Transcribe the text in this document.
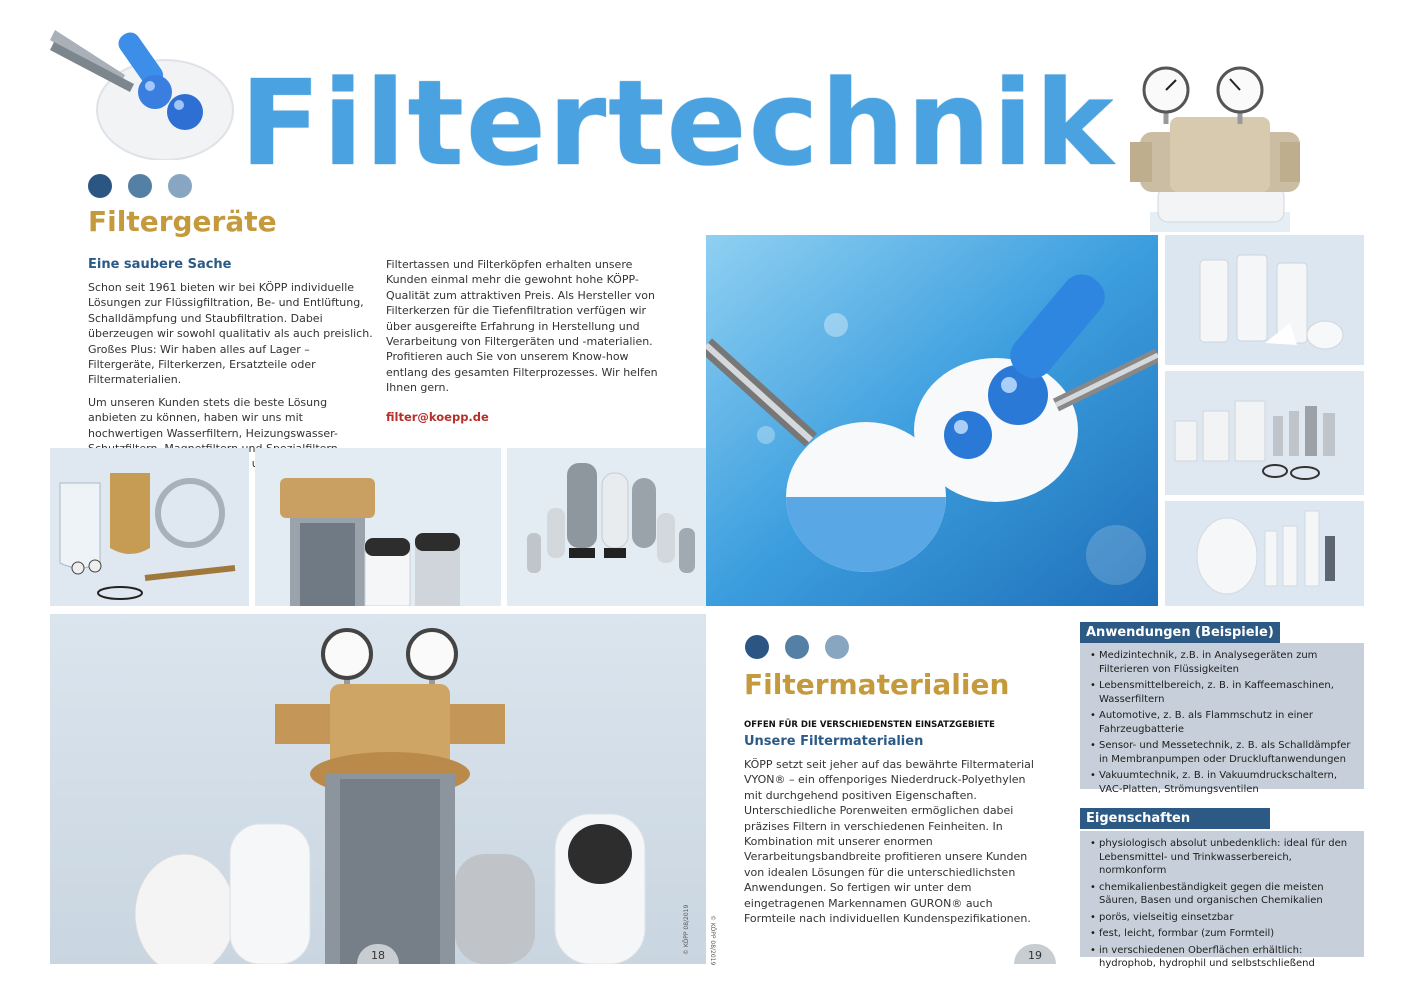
Filtertechnik
Filtergeräte
Eine saubere Sache

Schon seit 1961 bieten wir bei KÖPP individuelle Lösungen zur Flüssigfiltration, Be- und Entlüftung, Schalldämpfung und Staubfiltration. Dabei überzeugen wir sowohl qualitativ als auch preislich. Großes Plus: Wir haben alles auf Lager – Filtergeräte, Filterkerzen, Ersatzteile oder Filtermaterialien.

Um unseren Kunden stets die beste Lösung anbieten zu können, haben wir uns mit hochwertigen Wasserfiltern, Heizungswasser- und

Filtertassen und Filterköpfen erhalten unsere Kunden einmal mehr die gewohnt hohe KÖPP-Qualität zum attraktiven Preis. Als Hersteller von Filterkerzen für die Tiefenfiltration verfügen wir über ausgereifte Erfahrung in Herstellung und Verarbeitung von Filtergeräten und -materialien. Profitieren auch Sie von unserem Know-how entlang des gesamten Filterprozesses. Wir helfen Ihnen gern.

filter@koepp.de
18
© KÖPP 08/2019	© KÖPP 08/2019
Filtermaterialien
OFFEN FÜR DIE VERSCHIEDENSTEN EINSATZGEBIETE
Unsere Filtermaterialien
KÖPP setzt seit jeher auf das bewährte Filtermaterial VYON® – ein offenporiges Niederdruck-Polyethylen mit durchgehend positiven Eigenschaften. Unterschiedliche Porenweiten ermöglichen dabei präzises Filtern in verschiedenen Feinheiten. In Kombination mit unserer enormen Verarbeitungsbandbreite profitieren unsere Kunden von idealen Lösungen für die unterschiedlichsten Anwendungen. So fertigen wir unter dem eingetragenen Markennamen GURON® auch Formteile nach individuellen Kundenspezifikationen.
19
Anwendungen (Beispiele)
• Medizintechnik, z.B. in Analysegeräten zum Filterieren von Flüssigkeiten
• Lebensmittelbereich, z. B. in Kaffeemaschinen, Wasserfiltern
• Automotive, z. B. als Flammschutz in einer Fahrzeugbatterie
• Sensor- und Messetechnik, z. B. als Schalldämpfer in Membranpumpen oder Druckluftanwendungen
• Vakuumtechnik, z. B. in Vakuumdruckschaltern, VAC-Platten, Strömungsventilen
Eigenschaften
• physiologisch absolut unbedenklich: ideal für den Lebensmittel- und Trinkwasserbereich, normkonform
• chemikalienbeständigkeit gegen die meisten Säuren, Basen und organischen Chemikalien
• porös, vielseitig einsetzbar
• fest, leicht, formbar (zum Formteil)
• in verschiedenen Oberflächen erhältlich: hydrophob, hydrophil und selbstschließend
